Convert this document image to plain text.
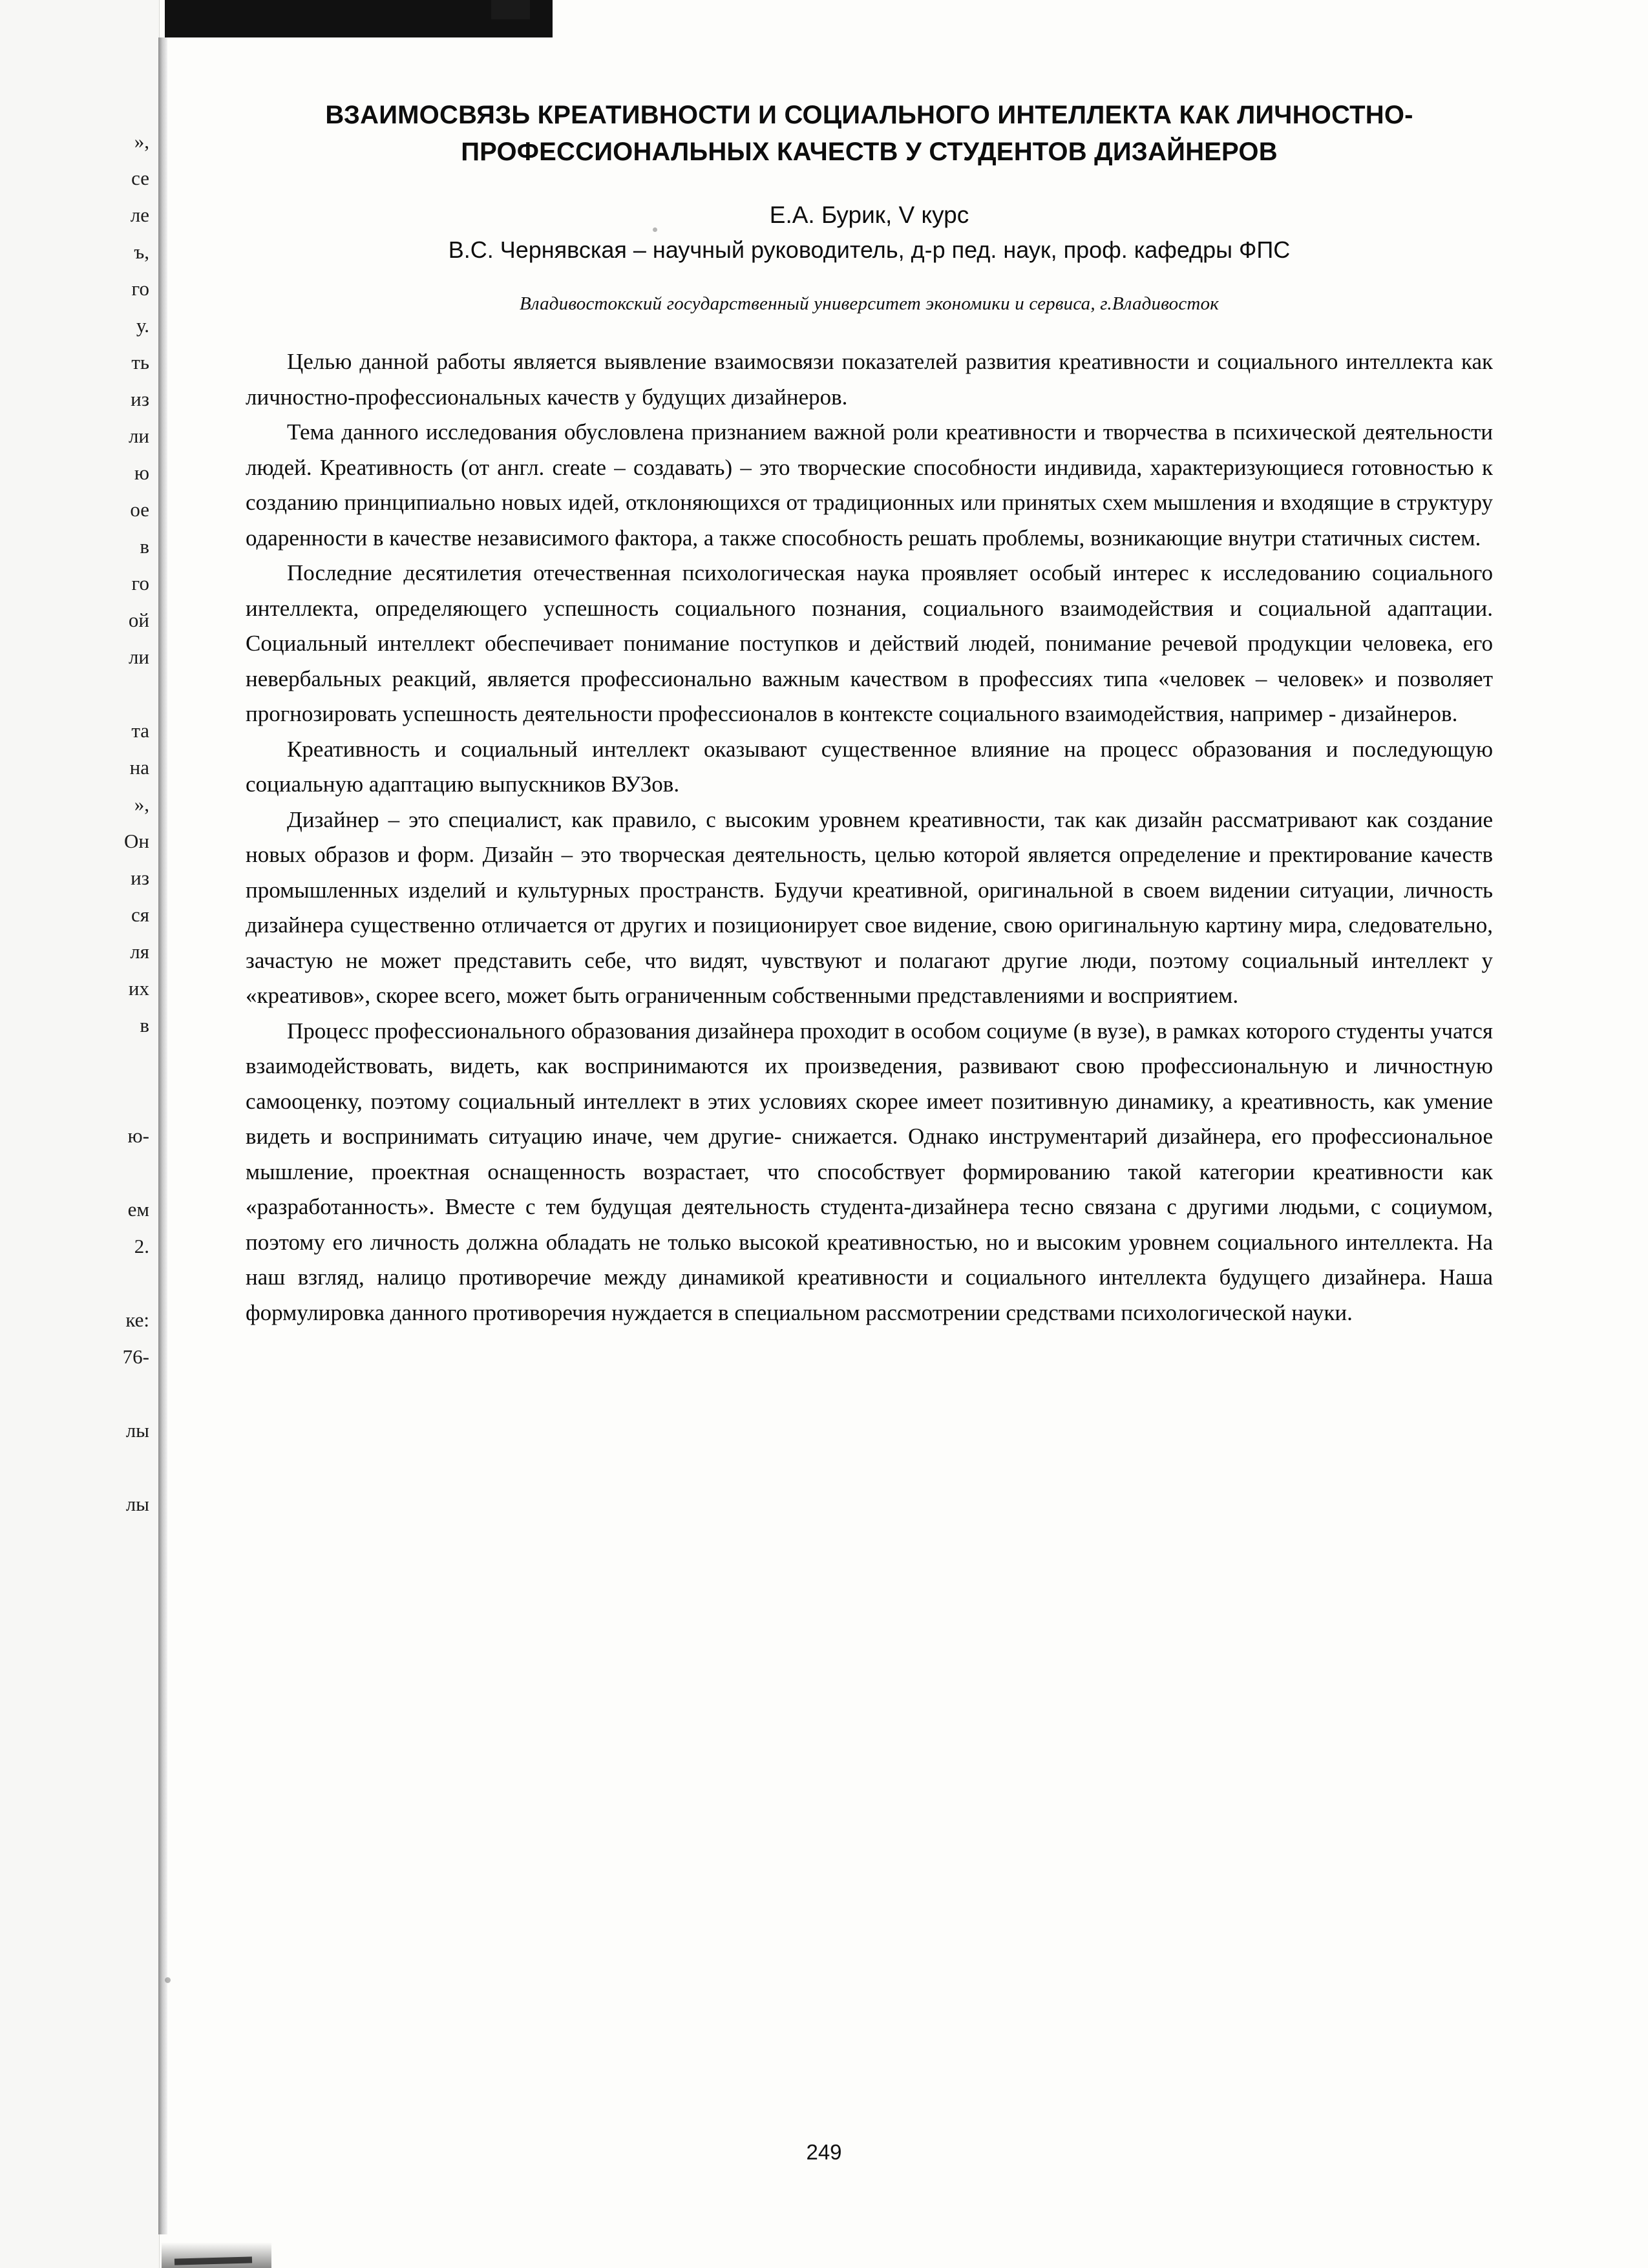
»,
се
ле
ъ,
го
у.
ть
из
ли
ю
ое
в
го
ой
ли
та
на
»,
Он
из
ся
ля
их
в
ю-
ем
2.
ке:
76-
лы
лы
ВЗАИМОСВЯЗЬ КРЕАТИВНОСТИ И СОЦИАЛЬНОГО ИНТЕЛЛЕКТА КАК ЛИЧНОСТНО-ПРОФЕССИОНАЛЬНЫХ КАЧЕСТВ У СТУДЕНТОВ ДИЗАЙНЕРОВ
Е.А. Бурик, V курс
В.С. Чернявская – научный руководитель, д-р пед. наук, проф. кафедры ФПС
Владивостокский государственный университет экономики и сервиса, г.Владивосток

Целью данной работы является выявление взаимосвязи показателей развития креативности и социального интеллекта как личностно-профессиональных качеств у будущих дизайнеров.

Тема данного исследования обусловлена признанием важной роли креативности и творчества в психической деятельности людей. Креативность (от англ. create – создавать) – это творческие способности индивида, характеризующиеся готовностью к созданию принципиально новых идей, отклоняющихся от традиционных или принятых схем мышления и входящие в структуру одаренности в качестве независимого фактора, а также способность решать проблемы, возникающие внутри статичных систем.

Последние десятилетия отечественная психологическая наука проявляет особый интерес к исследованию социального интеллекта, определяющего успешность социального познания, социального взаимодействия и социальной адаптации. Социальный интеллект обеспечивает понимание поступков и действий людей, понимание речевой продукции человека, его невербальных реакций, является профессионально важным качеством в профессиях типа «человек – человек» и позволяет прогнозировать успешность деятельности профессионалов в контексте социального взаимодействия, например - дизайнеров.

Креативность и социальный интеллект оказывают существенное влияние на процесс образования и последующую социальную адаптацию выпускников ВУЗов.

Дизайнер – это специалист, как правило, с высоким уровнем креативности, так как дизайн рассматривают как создание новых образов и форм. Дизайн – это творческая деятельность, целью которой является определение и пректирование качеств промышленных изделий и культурных пространств. Будучи креативной, оригинальной в своем видении ситуации, личность дизайнера существенно отличается от других и позиционирует свое видение, свою оригинальную картину мира, следовательно, зачастую не может представить себе, что видят, чувствуют и полагают другие люди, поэтому социальный интеллект у «креативов», скорее всего, может быть ограниченным собственными представлениями и восприятием.

Процесс профессионального образования дизайнера проходит в особом социуме (в вузе), в рамках которого студенты учатся взаимодействовать, видеть, как воспринимаются их произведения, развивают свою профессиональную и личностную самооценку, поэтому социальный интеллект в этих условиях скорее имеет позитивную динамику, а креативность, как умение видеть и воспринимать ситуацию иначе, чем другие- снижается. Однако инструментарий дизайнера, его профессиональное мышление, проектная оснащенность возрастает, что способствует формированию такой категории креативности как «разработанность». Вместе с тем будущая деятельность студента-дизайнера тесно связана с другими людьми, с социумом, поэтому его личность должна обладать не только высокой креативностью, но и высоким уровнем социального интеллекта. На наш взгляд, налицо противоречие между динамикой креативности и социального интеллекта будущего дизайнера. Наша формулировка данного противоречия нуждается в специальном рассмотрении средствами психологической науки.

249
